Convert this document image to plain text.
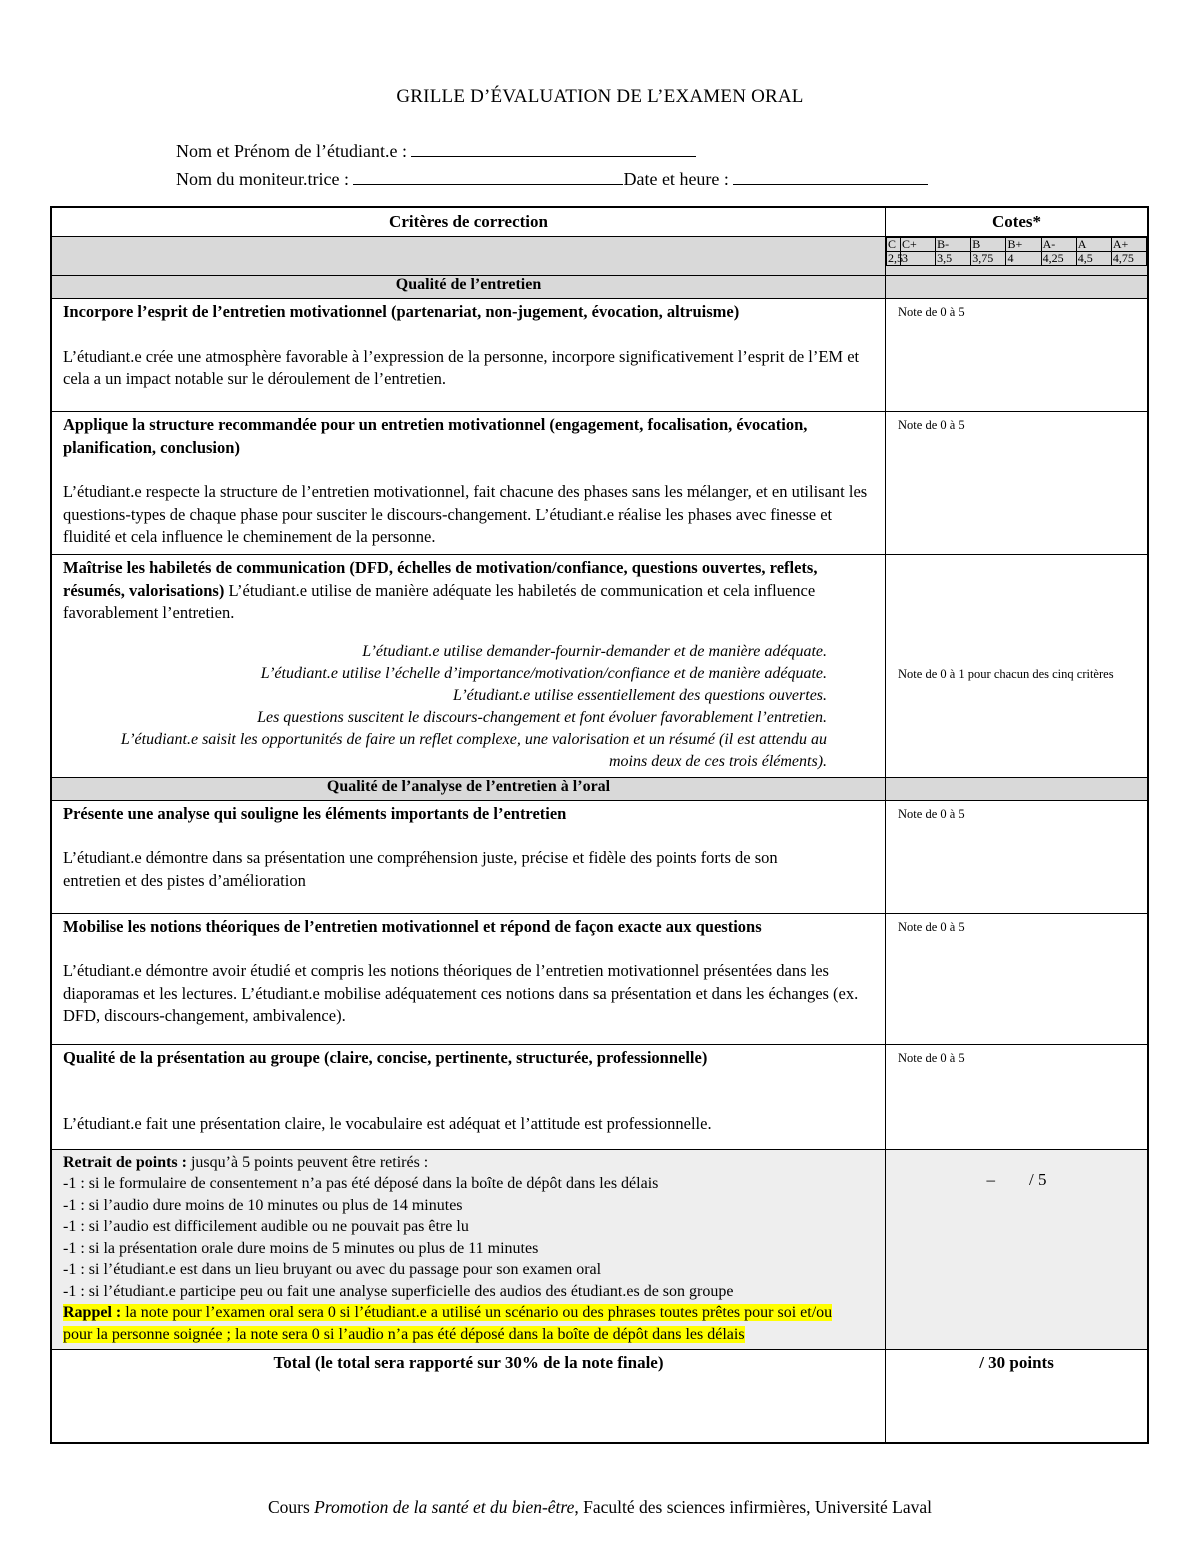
GRILLE D’ÉVALUATION DE L’EXAMEN ORAL
Nom et Prénom de l’étudiant.e :
Nom du moniteur.trice :	Date et heure :
Critères de correction	Cotes*

C	C+	B-	B	B+	A-	A	A+
2,5	3	3,5	3,75	4	4,25	4,5	4,75

Qualité de l’entretien	

Incorpore l’esprit de l’entretien motivationnel (partenariat, non-jugement, évocation, altruisme)
L’étudiant.e crée une atmosphère favorable à l’expression de la personne, incorpore significativement l’esprit de l’EM et cela a un impact notable sur le déroulement de l’entretien.

Note de 0 à 5

Applique la structure recommandée pour un entretien motivationnel (engagement, focalisation, évocation, planification, conclusion)
L’étudiant.e respecte la structure de l’entretien motivationnel, fait chacune des phases sans les mélanger, et en utilisant les questions-types de chaque phase pour susciter le discours-changement. L’étudiant.e réalise les phases avec finesse et fluidité et cela influence le cheminement de la personne.

Note de 0 à 5

Maîtrise les habiletés de communication (DFD, échelles de motivation/confiance, questions ouvertes, reflets, résumés, valorisations) L’étudiant.e utilise de manière adéquate les habiletés de communication et cela influence favorablement l’entretien.
L’étudiant.e utilise demander-fournir-demander et de manière adéquate.
L’étudiant.e utilise l’échelle d’importance/motivation/confiance et de manière adéquate.
L’étudiant.e utilise essentiellement des questions ouvertes.
Les questions suscitent le discours-changement et font évoluer favorablement l’entretien.
L’étudiant.e saisit les opportunités de faire un reflet complexe, une valorisation et un résumé (il est attendu au moins deux de ces trois éléments).

Note de 0 à 1 pour chacun des cinq critères

Qualité de l’analyse de l’entretien à l’oral	

Présente une analyse qui souligne les éléments importants de l’entretien
L’étudiant.e démontre dans sa présentation une compréhension juste, précise et fidèle des points forts de son entretien et des pistes d’amélioration

Note de 0 à 5

Mobilise les notions théoriques de l’entretien motivationnel et répond de façon exacte aux questions
L’étudiant.e démontre avoir étudié et compris les notions théoriques de l’entretien motivationnel présentées dans les diaporamas et les lectures. L’étudiant.e mobilise adéquatement ces notions dans sa présentation et dans les échanges (ex. DFD, discours-changement, ambivalence).

Note de 0 à 5

Qualité de la présentation au groupe (claire, concise, pertinente, structurée, professionnelle)
L’étudiant.e fait une présentation claire, le vocabulaire est adéquat et l’attitude est professionnelle.

Note de 0 à 5

Retrait de points : jusqu’à 5 points peuvent être retirés :
-1 : si le formulaire de consentement n’a pas été déposé dans la boîte de dépôt dans les délais
-1 : si l’audio dure moins de 10 minutes ou plus de 14 minutes
-1 : si l’audio est difficilement audible ou ne pouvait pas être lu
-1 : si la présentation orale dure moins de 5 minutes ou plus de 11 minutes
-1 : si l’étudiant.e est dans un lieu bruyant ou avec du passage pour son examen oral
-1 : si l’étudiant.e participe peu ou fait une analyse superficielle des audios des étudiant.es de son groupe
Rappel : la note pour l’examen oral sera 0 si l’étudiant.e a utilisé un scénario ou des phrases toutes prêtes pour soi et/ou pour la personne soignée ; la note sera 0 si l’audio n’a pas été déposé dans la boîte de dépôt dans les délais

–        / 5

Total (le total sera rapporté sur 30% de la note finale)	/ 30 points
Cours Promotion de la santé et du bien-être, Faculté des sciences infirmières, Université Laval
